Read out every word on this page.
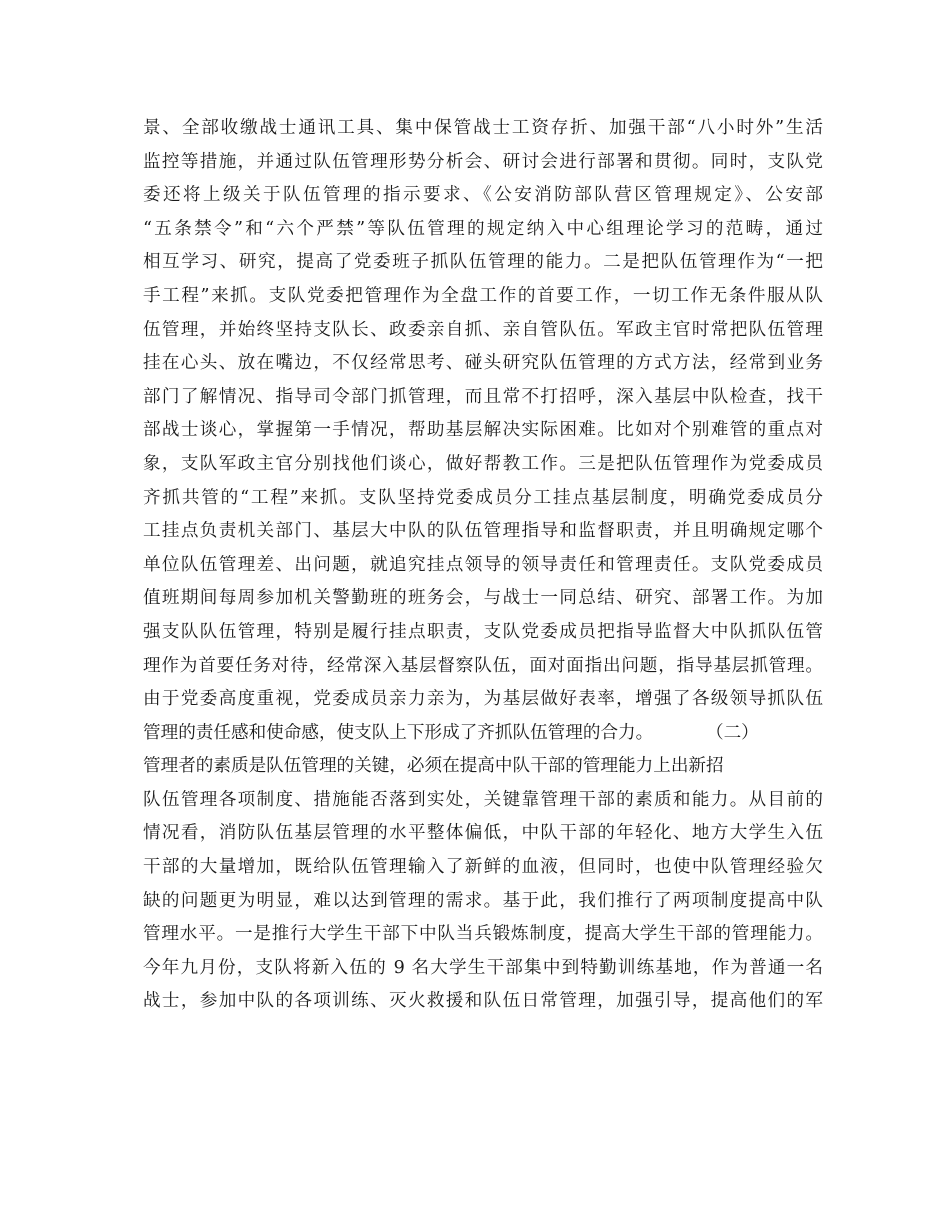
景、全部收缴战士通讯工具、集中保管战士工资存折、加强干部“八小时外”生活
监控等措施，并通过队伍管理形势分析会、研讨会进行部署和贯彻。同时，支队党
委还将上级关于队伍管理的指示要求、《公安消防部队营区管理规定》、公安部
“五条禁令”和“六个严禁”等队伍管理的规定纳入中心组理论学习的范畴，通过
相互学习、研究，提高了党委班子抓队伍管理的能力。二是把队伍管理作为“一把
手工程”来抓。支队党委把管理作为全盘工作的首要工作，一切工作无条件服从队
伍管理，并始终坚持支队长、政委亲自抓、亲自管队伍。军政主官时常把队伍管理
挂在心头、放在嘴边，不仅经常思考、碰头研究队伍管理的方式方法，经常到业务
部门了解情况、指导司令部门抓管理，而且常不打招呼，深入基层中队检查，找干
部战士谈心，掌握第一手情况，帮助基层解决实际困难。比如对个别难管的重点对
象，支队军政主官分别找他们谈心，做好帮教工作。三是把队伍管理作为党委成员
齐抓共管的“工程”来抓。支队坚持党委成员分工挂点基层制度，明确党委成员分
工挂点负责机关部门、基层大中队的队伍管理指导和监督职责，并且明确规定哪个
单位队伍管理差、出问题，就追究挂点领导的领导责任和管理责任。支队党委成员
值班期间每周参加机关警勤班的班务会，与战士一同总结、研究、部署工作。为加
强支队队伍管理，特别是履行挂点职责，支队党委成员把指导监督大中队抓队伍管
理作为首要任务对待，经常深入基层督察队伍，面对面指出问题，指导基层抓管理。
由于党委高度重视，党委成员亲力亲为，为基层做好表率，增强了各级领导抓队伍
管理的责任感和使命感，使支队上下形成了齐抓队伍管理的合力。　　　　（二）
管理者的素质是队伍管理的关键，必须在提高中队干部的管理能力上出新招
队伍管理各项制度、措施能否落到实处，关键靠管理干部的素质和能力。从目前的
情况看，消防队伍基层管理的水平整体偏低，中队干部的年轻化、地方大学生入伍
干部的大量增加，既给队伍管理输入了新鲜的血液，但同时，也使中队管理经验欠
缺的问题更为明显，难以达到管理的需求。基于此，我们推行了两项制度提高中队
管理水平。一是推行大学生干部下中队当兵锻炼制度，提高大学生干部的管理能力。
今年九月份，支队将新入伍的 9 名大学生干部集中到特勤训练基地，作为普通一名
战士，参加中队的各项训练、灭火救援和队伍日常管理，加强引导，提高他们的军
